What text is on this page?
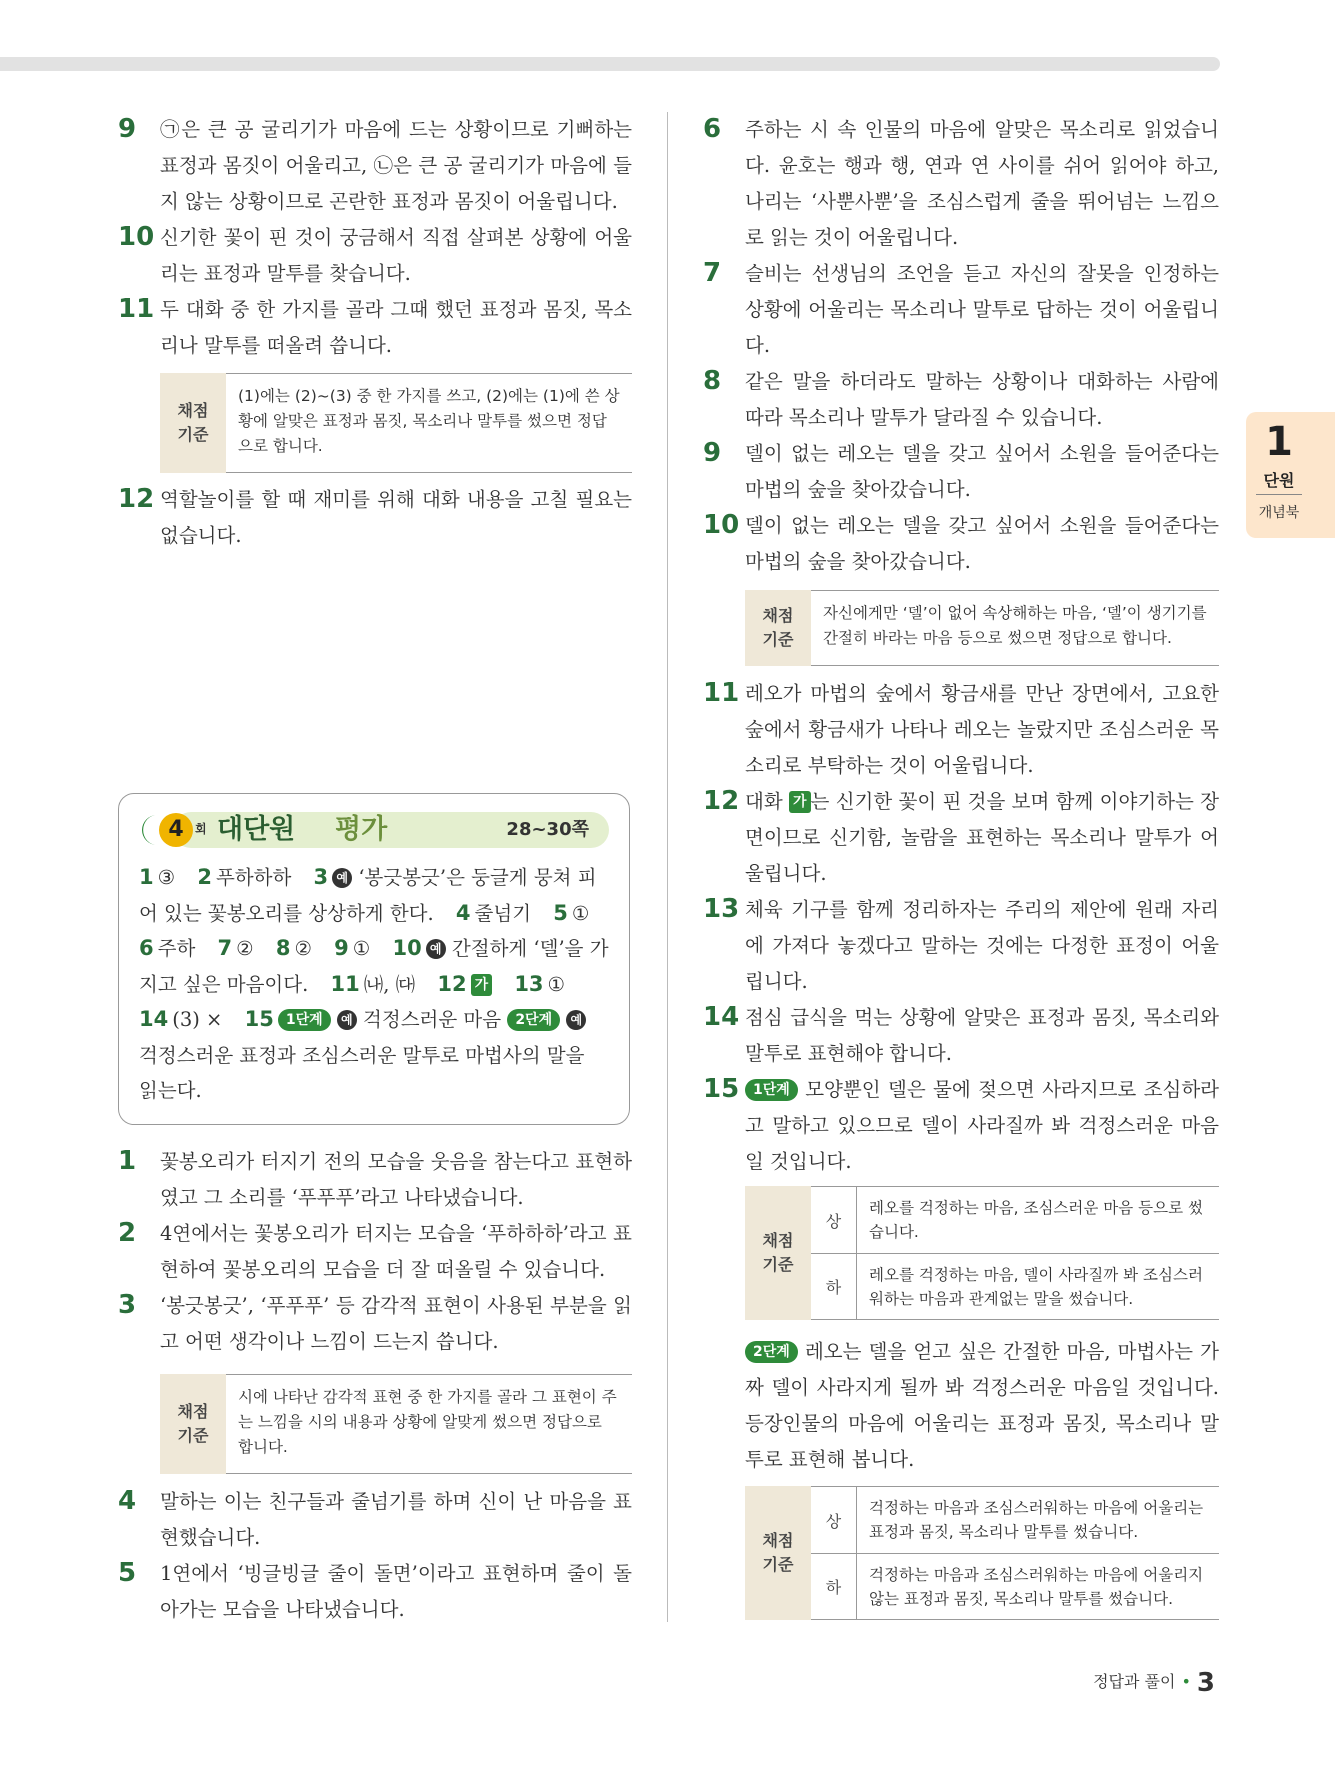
9 ㉠은 큰 공 굴리기가 마음에 드는 상황이므로 기뻐하는 표정과 몸짓이 어울리고, ㉡은 큰 공 굴리기가 마음에 들지 않는 상황이므로 곤란한 표정과 몸짓이 어울립니다.

10 신기한 꽃이 핀 것이 궁금해서 직접 살펴본 상황에 어울리는 표정과 말투를 찾습니다.

11 두 대화 중 한 가지를 골라 그때 했던 표정과 몸짓, 목소리나 말투를 떠올려 씁니다.

채점
기준
(1)에는 (2)~(3) 중 한 가지를 쓰고, (2)에는 (1)에 쓴 상황에 알맞은 표정과 몸짓, 목소리나 말투를 썼으면 정답으로 합니다.
12 역할놀이를 할 때 재미를 위해 대화 내용을 고칠 필요는 없습니다.

1 꽃봉오리가 터지기 전의 모습을 웃음을 참는다고 표현하였고 그 소리를 ‘푸푸푸’라고 나타냈습니다.

2 4연에서는 꽃봉오리가 터지는 모습을 ‘푸하하하’라고 표현하여 꽃봉오리의 모습을 더 잘 떠올릴 수 있습니다.

3 ‘봉긋봉긋’, ‘푸푸푸’ 등 감각적 표현이 사용된 부분을 읽고 어떤 생각이나 느낌이 드는지 씁니다.

채점
기준
시에 나타난 감각적 표현 중 한 가지를 골라 그 표현이 주는 느낌을 시의 내용과 상황에 알맞게 썼으면 정답으로 합니다.
4 말하는 이는 친구들과 줄넘기를 하며 신이 난 마음을 표현했습니다.

5 1연에서 ‘빙글빙글 줄이 돌면’이라고 표현하며 줄이 돌아가는 모습을 나타냈습니다.

4 회 대단원 평가	28~30쪽
1 ③ 2 푸하하하 3 예 ‘봉긋봉긋’은 둥글게 뭉쳐 피어 있는 꽃봉오리를 상상하게 한다. 4 줄넘기 5 ①
6 주하 7 ② 8 ② 9 ① 10 예 간절하게 ‘델’을 가지고 싶은 마음이다. 11 ㈏, ㈐ 12 가 13 ①
14 (3) × 15 1단계 예 걱정스러운 마음 2단계 예 걱정스러운 표정과 조심스러운 말투로 마법사의 말을 읽는다.
6 주하는 시 속 인물의 마음에 알맞은 목소리로 읽었습니다. 윤호는 행과 행, 연과 연 사이를 쉬어 읽어야 하고, 나리는 ‘사뿐사뿐’을 조심스럽게 줄을 뛰어넘는 느낌으로 읽는 것이 어울립니다.

7 슬비는 선생님의 조언을 듣고 자신의 잘못을 인정하는 상황에 어울리는 목소리나 말투로 답하는 것이 어울립니다.

8 같은 말을 하더라도 말하는 상황이나 대화하는 사람에 따라 목소리나 말투가 달라질 수 있습니다.

9 델이 없는 레오는 델을 갖고 싶어서 소원을 들어준다는 마법의 숲을 찾아갔습니다.

10 델이 없는 레오는 델을 갖고 싶어서 소원을 들어준다는 마법의 숲을 찾아갔습니다.

채점
기준
자신에게만 ‘델’이 없어 속상해하는 마음, ‘델’이 생기기를 간절히 바라는 마음 등으로 썼으면 정답으로 합니다.
11 레오가 마법의 숲에서 황금새를 만난 장면에서, 고요한 숲에서 황금새가 나타나 레오는 놀랐지만 조심스러운 목소리로 부탁하는 것이 어울립니다.

12 대화 가 는 신기한 꽃이 핀 것을 보며 함께 이야기하는 장면이므로 신기함, 놀람을 표현하는 목소리나 말투가 어울립니다.

13 체육 기구를 함께 정리하자는 주리의 제안에 원래 자리에 가져다 놓겠다고 말하는 것에는 다정한 표정이 어울립니다.

14 점심 급식을 먹는 상황에 알맞은 표정과 몸짓, 목소리와 말투로 표현해야 합니다.

15 1단계 모양뿐인 델은 물에 젖으면 사라지므로 조심하라고 말하고 있으므로 델이 사라질까 봐 걱정스러운 마음일 것입니다.

채점
기준
상
레오를 걱정하는 마음, 조심스러운 마음 등으로 썼습니다.
하
레오를 걱정하는 마음, 델이 사라질까 봐 조심스러워하는 마음과 관계없는 말을 썼습니다.

2단계 레오는 델을 얻고 싶은 간절한 마음, 마법사는 가짜 델이 사라지게 될까 봐 걱정스러운 마음일 것입니다. 등장인물의 마음에 어울리는 표정과 몸짓, 목소리나 말투로 표현해 봅니다.

채점
기준
상
걱정하는 마음과 조심스러워하는 마음에 어울리는 표정과 몸짓, 목소리나 말투를 썼습니다.
하
걱정하는 마음과 조심스러워하는 마음에 어울리지 않는 표정과 몸짓, 목소리나 말투를 썼습니다.
1
단원
개념북
정답과 풀이 • 3
